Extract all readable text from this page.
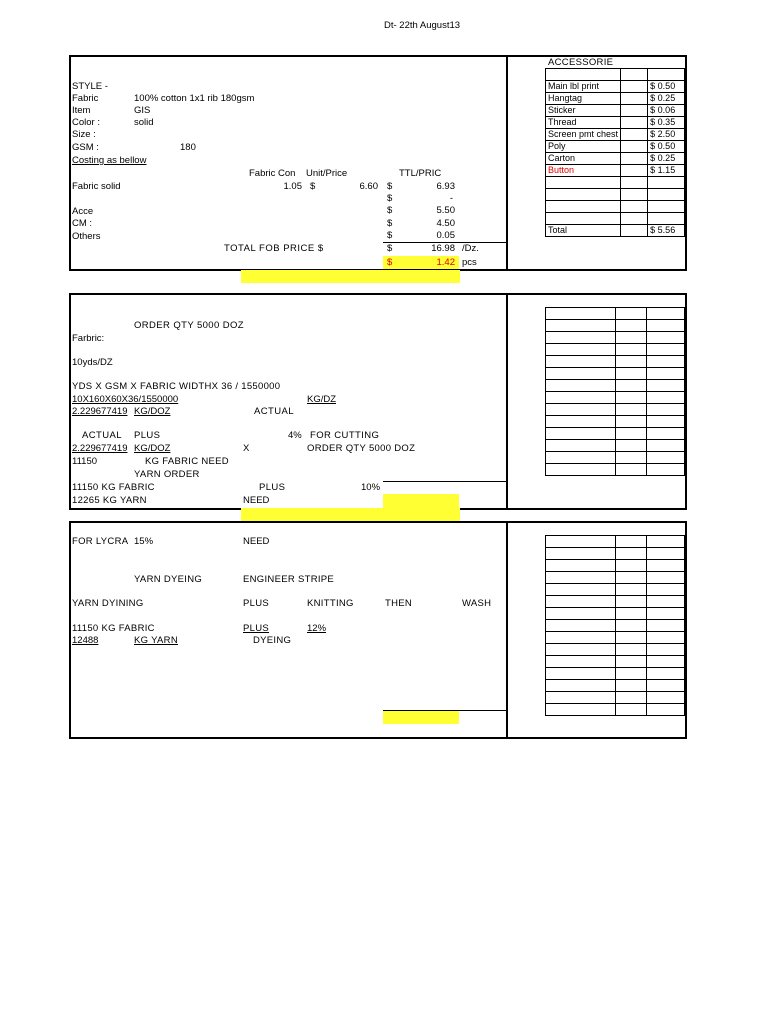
Dt- 22th August13
STYLE -
Fabric	100% cotton 1x1 rib 180gsm
Item	GIS
Color :	solid
Size :
GSM :	180
Costing as bellow
Fabric Con Unit/Price	TTL/PRIC
Fabric solid	1.05 $	6.60 $	6.93
$	-
Acce	$	5.50
CM :	$	4.50
Others	$	0.05
TOTAL FOB PRICE $	$	16.98 /Dz.
$	1.42 pcs
ACCESSORIE

Main lbl print		$ 0.50
Hangtag		$ 0.25
Sticker		$ 0.06
Thread		$ 0.35
Screen pmt chest		$ 2.50
Poly		$ 0.50
Carton		$ 0.25
Button		$ 1.15

Total		$ 5.56
ORDER QTY 5000 DOZ
Farbric:
10yds/DZ
YDS X GSM X FABRIC WIDTHX 36 / 1550000
10X160X60X36/1550000	KG/DZ
2.229677419 KG/DOZ	ACTUAL
ACTUAL PLUS	4% FOR CUTTING
2.229677419 KG/DOZ	X	ORDER QTY 5000 DOZ
11150	KG FABRIC NEED
YARN ORDER
11150 KG FABRIC	PLUS	10%
12265 KG YARN	NEED

FOR LYCRA 15%	NEED
YARN DYEING	ENGINEER STRIPE
YARN DYINING	PLUS	KNITTING	THEN	WASH
11150 KG FABRIC	PLUS	12%
12488	KG YARN	DYEING
